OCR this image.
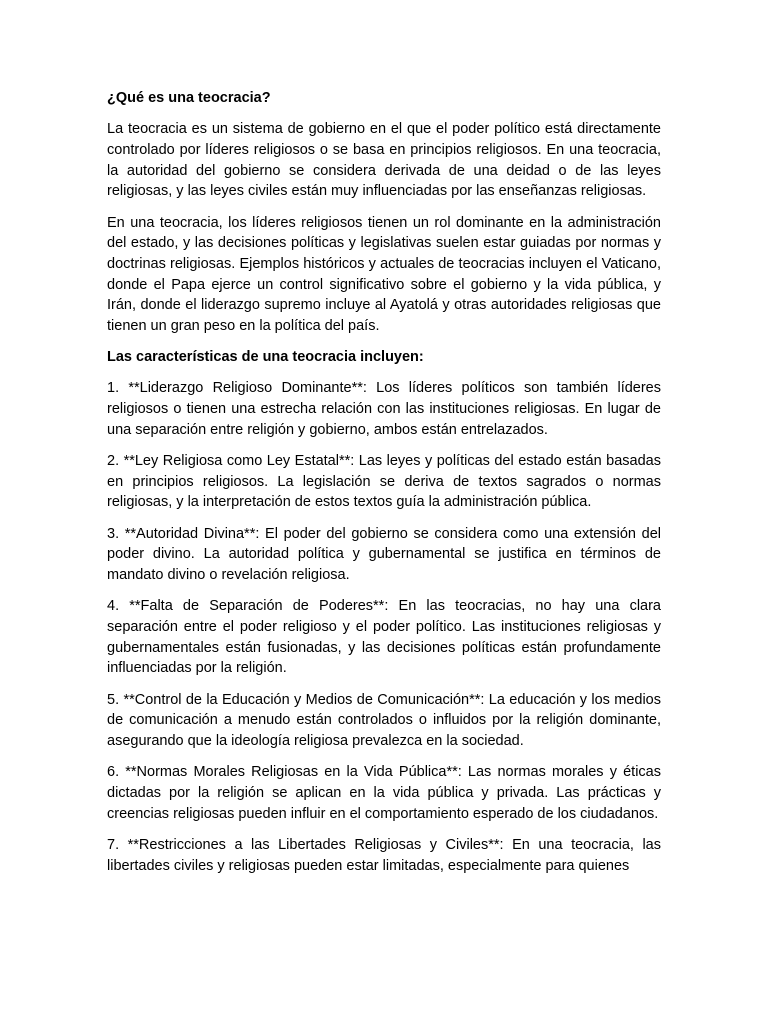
¿Qué es una teocracia?

La teocracia es un sistema de gobierno en el que el poder político está directamente controlado por líderes religiosos o se basa en principios religiosos. En una teocracia, la autoridad del gobierno se considera derivada de una deidad o de las leyes religiosas, y las leyes civiles están muy influenciadas por las enseñanzas religiosas.

En una teocracia, los líderes religiosos tienen un rol dominante en la administración del estado, y las decisiones políticas y legislativas suelen estar guiadas por normas y doctrinas religiosas. Ejemplos históricos y actuales de teocracias incluyen el Vaticano, donde el Papa ejerce un control significativo sobre el gobierno y la vida pública, y Irán, donde el liderazgo supremo incluye al Ayatolá y otras autoridades religiosas que tienen un gran peso en la política del país.

Las características de una teocracia incluyen:

1. **Liderazgo Religioso Dominante**: Los líderes políticos son también líderes religiosos o tienen una estrecha relación con las instituciones religiosas. En lugar de una separación entre religión y gobierno, ambos están entrelazados.

2. **Ley Religiosa como Ley Estatal**: Las leyes y políticas del estado están basadas en principios religiosos. La legislación se deriva de textos sagrados o normas religiosas, y la interpretación de estos textos guía la administración pública.

3. **Autoridad Divina**: El poder del gobierno se considera como una extensión del poder divino. La autoridad política y gubernamental se justifica en términos de mandato divino o revelación religiosa.

4. **Falta de Separación de Poderes**: En las teocracias, no hay una clara separación entre el poder religioso y el poder político. Las instituciones religiosas y gubernamentales están fusionadas, y las decisiones políticas están profundamente influenciadas por la religión.

5. **Control de la Educación y Medios de Comunicación**: La educación y los medios de comunicación a menudo están controlados o influidos por la religión dominante, asegurando que la ideología religiosa prevalezca en la sociedad.

6. **Normas Morales Religiosas en la Vida Pública**: Las normas morales y éticas dictadas por la religión se aplican en la vida pública y privada. Las prácticas y creencias religiosas pueden influir en el comportamiento esperado de los ciudadanos.

7. **Restricciones a las Libertades Religiosas y Civiles**: En una teocracia, las libertades civiles y religiosas pueden estar limitadas, especialmente para quienes
